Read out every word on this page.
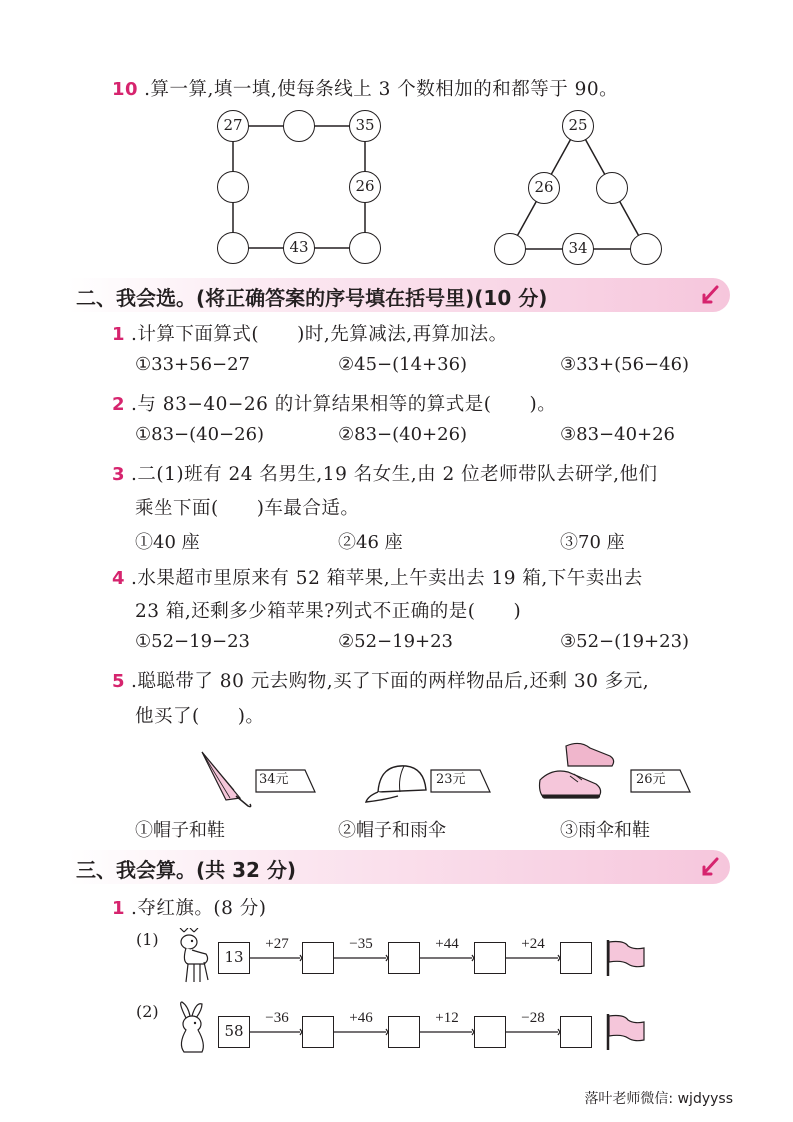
10 .算一算,填一填,使每条线上 3 个数相加的和都等于 90。
27	35
26
43
25
26
34
二、我会选。(将正确答案的序号填在括号里)(10 分)
1 .计算下面算式(　　)时,先算减法,再算加法。
①33+56−27	②45−(14+36)	③33+(56−46)
2 .与 83−40−26 的计算结果相等的算式是(　　)。
①83−(40−26)	②83−(40+26)	③83−40+26
3 .二(1)班有 24 名男生,19 名女生,由 2 位老师带队去研学,他们
乘坐下面(　　)车最合适。
①40 座	②46 座	③70 座
4 .水果超市里原来有 52 箱苹果,上午卖出去 19 箱,下午卖出去
23 箱,还剩多少箱苹果?列式不正确的是(　　)
①52−19−23	②52−19+23	③52−(19+23)
5 .聪聪带了 80 元去购物,买了下面的两样物品后,还剩 30 多元,
他买了(　　)。
34元	23元	26元
①帽子和鞋	②帽子和雨伞	③雨伞和鞋
三、我会算。(共 32 分)
1 .夺红旗。(8 分)
(1)
13
+27	−35	+44	+24
(2)
58
−36	+46	+12	−28
落叶老师微信: wjdyyss
